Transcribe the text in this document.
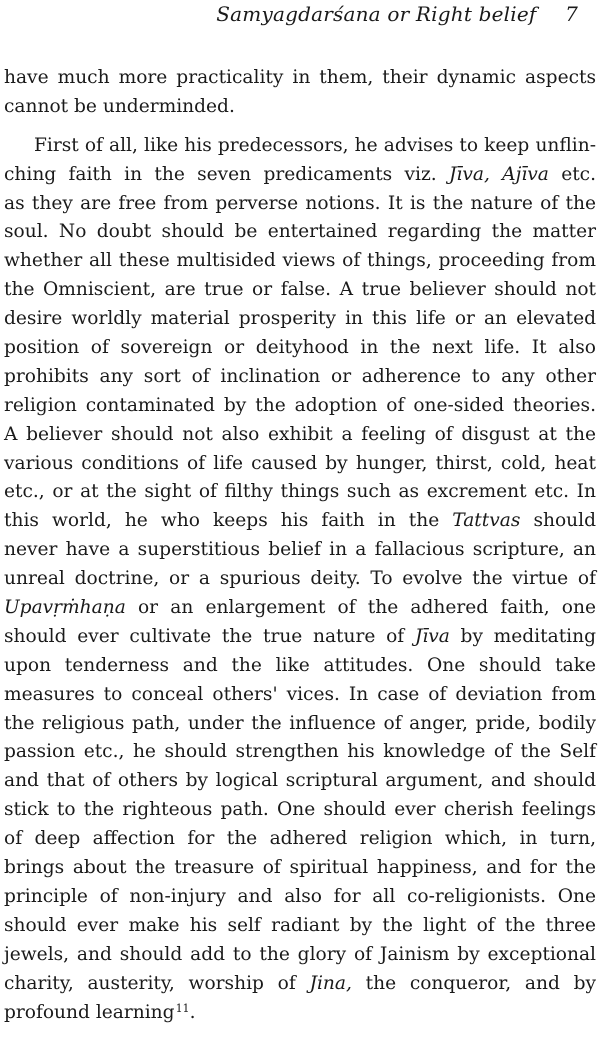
Samyagdarśana or Right belief 7
have much more practicality in them, their dynamic aspects
cannot be underminded.
First of all, like his predecessors, he advises to keep unflin-
ching faith in the seven predicaments viz. Jīva, Ajīva etc.
as they are free from perverse notions. It is the nature of the
soul. No doubt should be entertained regarding the matter
whether all these multisided views of things, proceeding from
the Omniscient, are true or false. A true believer should not
desire worldly material prosperity in this life or an elevated
position of sovereign or deityhood in the next life. It also
prohibits any sort of inclination or adherence to any other
religion contaminated by the adoption of one-sided theories.
A believer should not also exhibit a feeling of disgust at the
various conditions of life caused by hunger, thirst, cold, heat
etc., or at the sight of filthy things such as excrement etc. In
this world, he who keeps his faith in the Tattvas should
never have a superstitious belief in a fallacious scripture, an
unreal doctrine, or a spurious deity. To evolve the virtue of
Upavṛṁhaṇa or an enlargement of the adhered faith, one
should ever cultivate the true nature of Jīva by meditating
upon tenderness and the like attitudes. One should take
measures to conceal others' vices. In case of deviation from
the religious path, under the influence of anger, pride, bodily
passion etc., he should strengthen his knowledge of the Self
and that of others by logical scriptural argument, and should
stick to the righteous path. One should ever cherish feelings
of deep affection for the adhered religion which, in turn,
brings about the treasure of spiritual happiness, and for the
principle of non-injury and also for all co-religionists. One
should ever make his self radiant by the light of the three
jewels, and should add to the glory of Jainism by exceptional
charity, austerity, worship of Jina, the conqueror, and by
profound learning$^{11}$.
